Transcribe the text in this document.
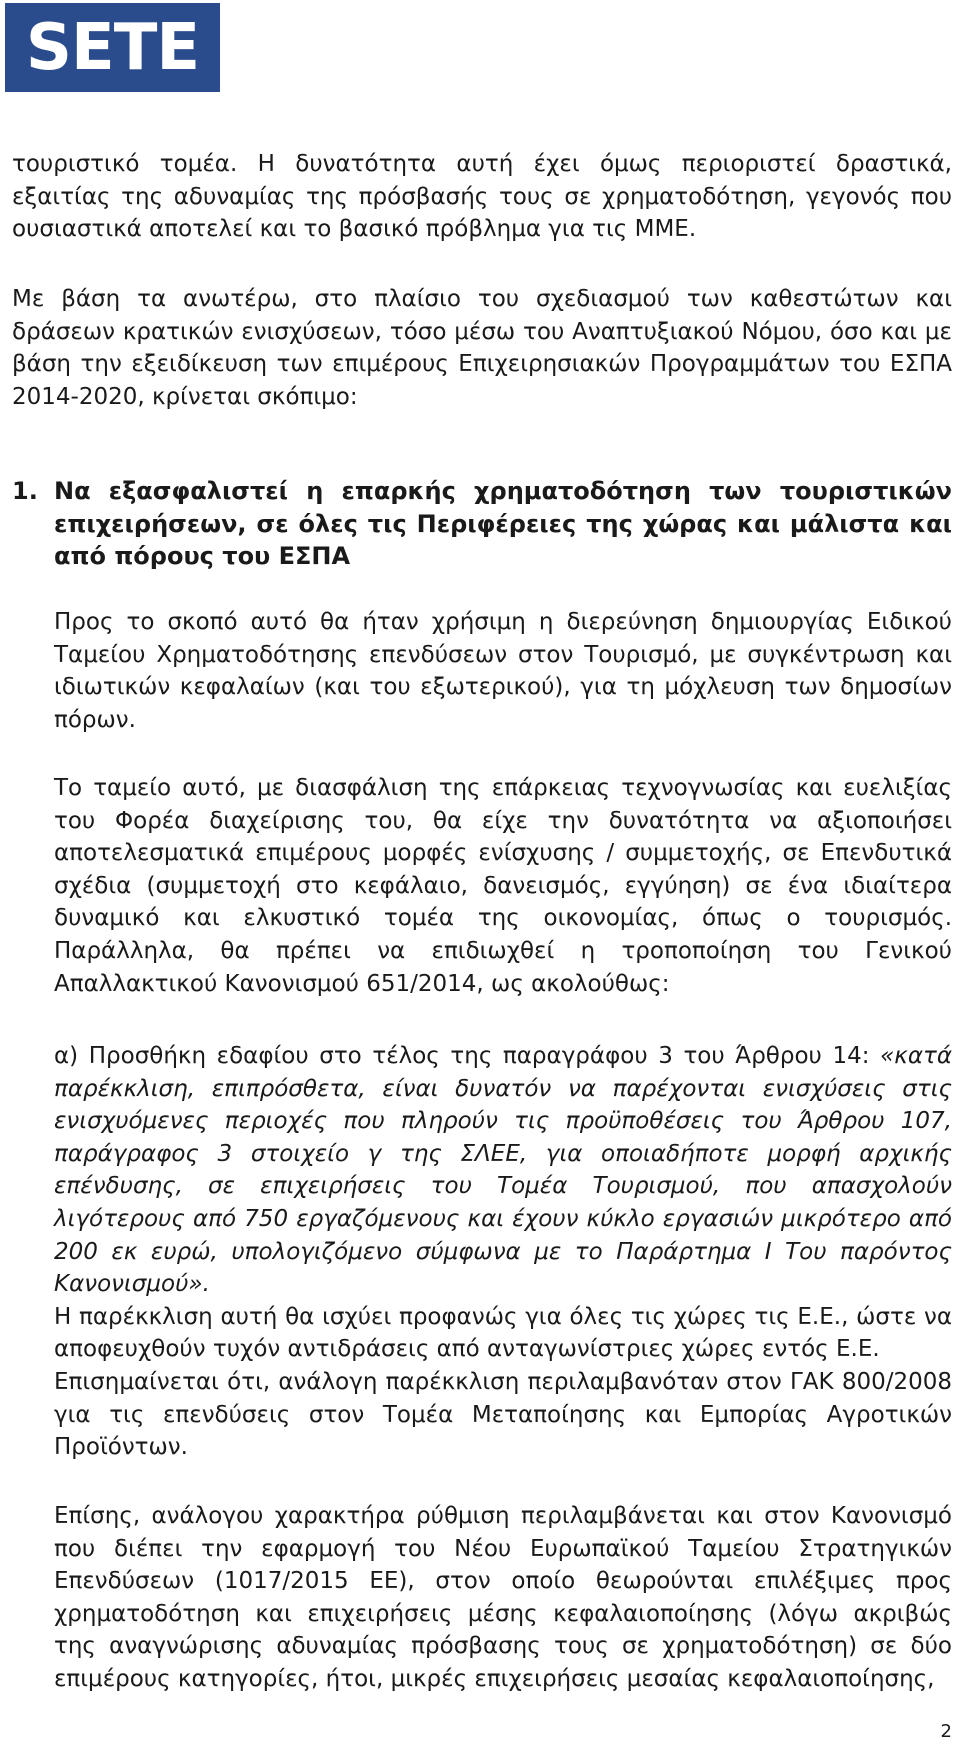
SETE

τουριστικό τομέα. Η δυνατότητα αυτή έχει όμως περιοριστεί δραστικά, εξαιτίας της αδυναμίας της πρόσβασής τους σε χρηματοδότηση, γεγονός που ουσιαστικά αποτελεί και το βασικό πρόβλημα για τις ΜΜΕ.

Με βάση τα ανωτέρω, στο πλαίσιο του σχεδιασμού των καθεστώτων και δράσεων κρατικών ενισχύσεων, τόσο μέσω του Αναπτυξιακού Νόμου, όσο και με βάση την εξειδίκευση των επιμέρους Επιχειρησιακών Προγραμμάτων του ΕΣΠΑ 2014-2020, κρίνεται σκόπιμο:

1. Να εξασφαλιστεί η επαρκής χρηματοδότηση των τουριστικών επιχειρήσεων, σε όλες τις Περιφέρειες της χώρας και μάλιστα και από πόρους του ΕΣΠΑ

Προς το σκοπό αυτό θα ήταν χρήσιμη η διερεύνηση δημιουργίας Ειδικού Ταμείου Χρηματοδότησης επενδύσεων στον Τουρισμό, με συγκέντρωση και ιδιωτικών κεφαλαίων (και του εξωτερικού), για τη μόχλευση των δημοσίων πόρων.

Το ταμείο αυτό, με διασφάλιση της επάρκειας τεχνογνωσίας και ευελιξίας του Φορέα διαχείρισης του, θα είχε την δυνατότητα να αξιοποιήσει αποτελεσματικά επιμέρους μορφές ενίσχυσης / συμμετοχής, σε Επενδυτικά σχέδια (συμμετοχή στο κεφάλαιο, δανεισμός, εγγύηση) σε ένα ιδιαίτερα δυναμικό και ελκυστικό τομέα της οικονομίας, όπως ο τουρισμός. Παράλληλα, θα πρέπει να επιδιωχθεί η τροποποίηση του Γενικού Απαλλακτικού Κανονισμού 651/2014, ως ακολούθως:

α) Προσθήκη εδαφίου στο τέλος της παραγράφου 3 του Άρθρου 14: «κατά παρέκκλιση, επιπρόσθετα, είναι δυνατόν να παρέχονται ενισχύσεις στις ενισχυόμενες περιοχές που πληρούν τις προϋποθέσεις του Άρθρου 107, παράγραφος 3 στοιχείο γ της ΣΛΕΕ, για οποιαδήποτε μορφή αρχικής επένδυσης, σε επιχειρήσεις του Τομέα Τουρισμού, που απασχολούν λιγότερους από 750 εργαζόμενους και έχουν κύκλο εργασιών μικρότερο από 200 εκ ευρώ, υπολογιζόμενο σύμφωνα με το Παράρτημα Ι Του παρόντος Κανονισμού».
Η παρέκκλιση αυτή θα ισχύει προφανώς για όλες τις χώρες τις Ε.Ε., ώστε να αποφευχθούν τυχόν αντιδράσεις από ανταγωνίστριες χώρες εντός Ε.Ε.
Επισημαίνεται ότι, ανάλογη παρέκκλιση περιλαμβανόταν στον ΓΑΚ 800/2008 για τις επενδύσεις στον Τομέα Μεταποίησης και Εμπορίας Αγροτικών Προϊόντων.

Επίσης, ανάλογου χαρακτήρα ρύθμιση περιλαμβάνεται και στον Κανονισμό που διέπει την εφαρμογή του Νέου Ευρωπαϊκού Ταμείου Στρατηγικών Επενδύσεων (1017/2015 ΕΕ), στον οποίο θεωρούνται επιλέξιμες προς χρηματοδότηση και επιχειρήσεις μέσης κεφαλαιοποίησης (λόγω ακριβώς της αναγνώρισης αδυναμίας πρόσβασης τους σε χρηματοδότηση) σε δύο επιμέρους κατηγορίες, ήτοι, μικρές επιχειρήσεις μεσαίας κεφαλαιοποίησης,

2
